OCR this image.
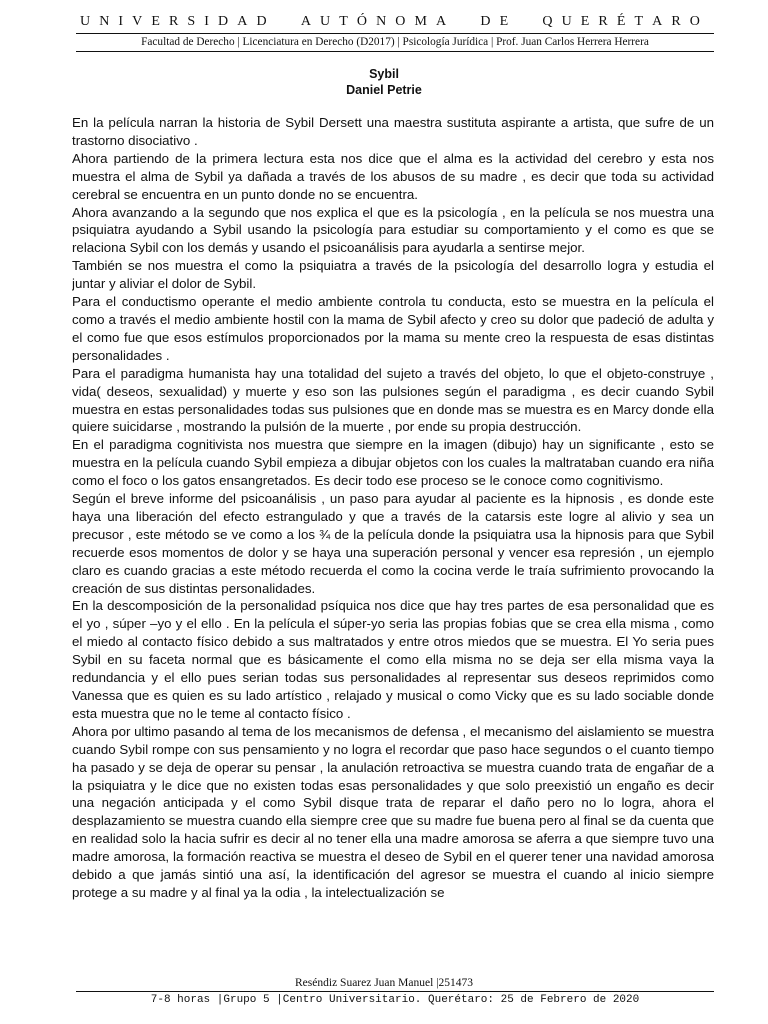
U N I V E R S I D A D

A U T Ó N O M A

D E

Q U E R É T A R O
Facultad de Derecho | Licenciatura en Derecho (D2017) | Psicología Jurídica | Prof. Juan Carlos Herrera Herrera
Sybil
Daniel Petrie

En la película narran la historia de Sybil Dersett una maestra sustituta aspirante a artista, que sufre de un trastorno disociativo .

Ahora partiendo de la primera lectura esta nos dice que el alma es la actividad del cerebro y esta nos muestra el alma de Sybil ya dañada a través de los abusos de su madre , es decir que toda su actividad cerebral se encuentra en un punto donde no se encuentra.

Ahora avanzando a la segundo que nos explica el que es la psicología , en la película se nos muestra una psiquiatra ayudando a Sybil usando la psicología para estudiar su comportamiento y el como es que se relaciona Sybil con los demás y usando el psicoanálisis para ayudarla a sentirse mejor.

También se nos muestra el como la psiquiatra a través de la psicología del desarrollo logra y estudia el juntar y aliviar el dolor de Sybil.

Para el conductismo operante el medio ambiente controla tu conducta, esto se muestra en la película el como a través el medio ambiente hostil con la mama de Sybil afecto y creo su dolor que padeció de adulta y el como fue que esos estímulos proporcionados por la mama su mente creo la respuesta de esas distintas personalidades .

Para el paradigma humanista hay una totalidad del sujeto a través del objeto, lo que el objeto-construye , vida( deseos, sexualidad) y muerte y eso son las pulsiones según el paradigma , es decir cuando Sybil muestra en estas personalidades todas sus pulsiones que en donde mas se muestra es en Marcy donde ella quiere suicidarse , mostrando la pulsión de la muerte , por ende su propia destrucción.

En el paradigma cognitivista nos muestra que siempre en la imagen (dibujo) hay un significante , esto se muestra en la película cuando Sybil empieza a dibujar objetos con los cuales la maltrataban cuando era niña como el foco o los gatos ensangretados. Es decir todo ese proceso se le conoce como cognitivismo.

Según el breve informe del psicoanálisis , un paso para ayudar al paciente es la hipnosis , es donde este haya una liberación del efecto estrangulado y que a través de la catarsis este logre al alivio y sea un precusor , este método se ve como a los ¾ de la película donde la psiquiatra usa la hipnosis para que Sybil recuerde esos momentos de dolor y se haya una superación personal y vencer esa represión , un ejemplo claro es cuando gracias a este método recuerda el como la cocina verde le traía sufrimiento provocando la creación de sus distintas personalidades.

En la descomposición de la personalidad psíquica nos dice que hay tres partes de esa personalidad que es el yo , súper –yo y el ello . En la película el súper-yo seria las propias fobias que se crea ella misma , como el miedo al contacto físico debido a sus maltratados y entre otros miedos que se muestra. El Yo seria pues Sybil en su faceta normal que es básicamente el como ella misma no se deja ser ella misma vaya la redundancia y el ello pues serian todas sus personalidades al representar sus deseos reprimidos como Vanessa que es quien es su lado artístico , relajado y musical o como Vicky que es su lado sociable donde esta muestra que no le teme al contacto físico .

Ahora por ultimo pasando al tema de los mecanismos de defensa , el mecanismo del aislamiento se muestra cuando Sybil rompe con sus pensamiento y no logra el recordar que paso hace segundos o el cuanto tiempo ha pasado y se deja de operar su pensar , la anulación retroactiva se muestra cuando trata de engañar de a la psiquiatra y le dice que no existen todas esas personalidades y que solo preexistió un engaño es decir una negación anticipada y el como Sybil disque trata de reparar el daño pero no lo logra, ahora el desplazamiento se muestra cuando ella siempre cree que su madre fue buena pero al final se da cuenta que en realidad solo la hacia sufrir es decir al no tener ella una madre amorosa se aferra a que siempre tuvo una madre amorosa, la formación reactiva se muestra el deseo de Sybil en el querer tener una navidad amorosa debido a que jamás sintió una así, la identificación del agresor se muestra el cuando al inicio siempre protege a su madre y al final ya la odia , la intelectualización se

Reséndiz Suarez Juan Manuel |251473
7-8 horas |Grupo 5 |Centro Universitario. Querétaro: 25 de Febrero de 2020
